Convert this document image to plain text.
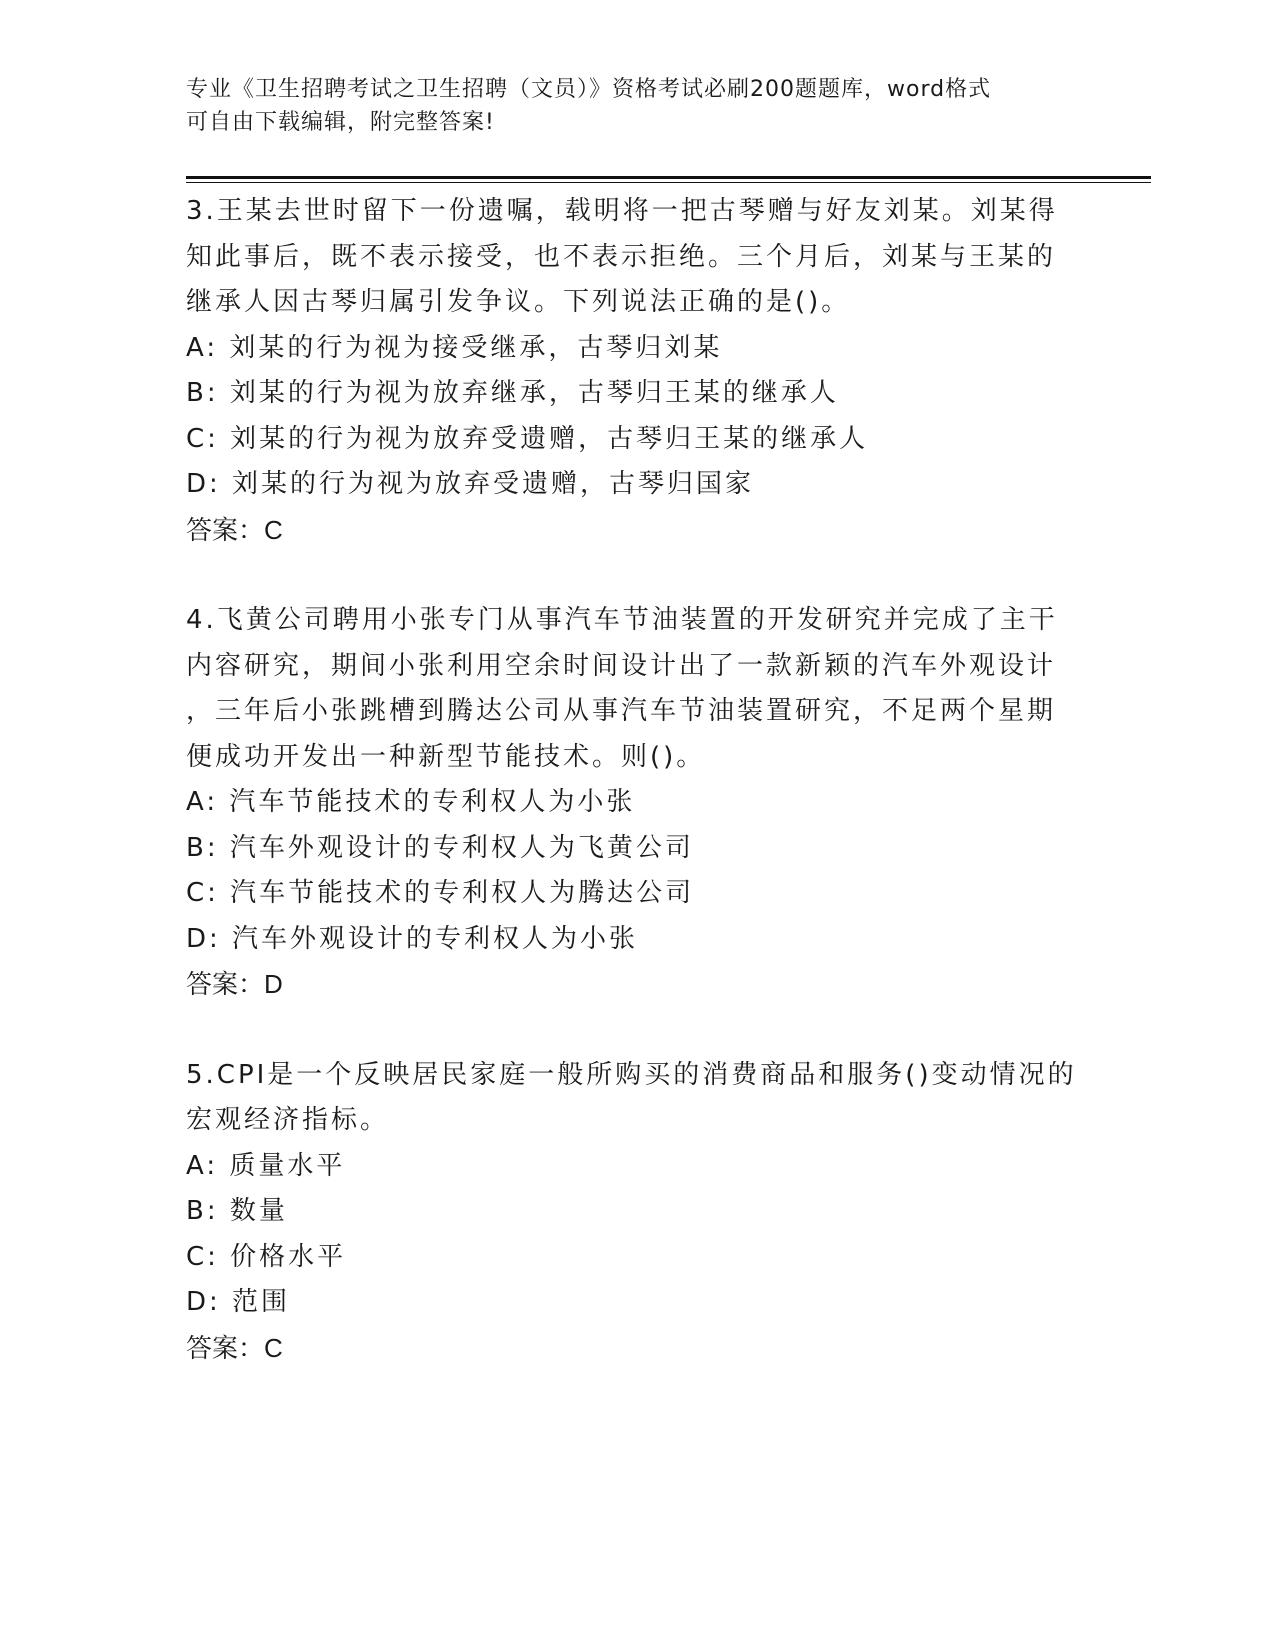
专业《卫生招聘考试之卫生招聘（文员）》资格考试必刷200题题库，word格式
可自由下载编辑，附完整答案!
3.王某去世时留下一份遗嘱，载明将一把古琴赠与好友刘某。刘某得
知此事后，既不表示接受，也不表示拒绝。三个月后，刘某与王某的
继承人因古琴归属引发争议。下列说法正确的是()。
A: 刘某的行为视为接受继承，古琴归刘某
B: 刘某的行为视为放弃继承，古琴归王某的继承人
C: 刘某的行为视为放弃受遗赠，古琴归王某的继承人
D: 刘某的行为视为放弃受遗赠，古琴归国家
答案：C
4.飞黄公司聘用小张专门从事汽车节油装置的开发研究并完成了主干
内容研究，期间小张利用空余时间设计出了一款新颖的汽车外观设计
，三年后小张跳槽到腾达公司从事汽车节油装置研究，不足两个星期
便成功开发出一种新型节能技术。则()。
A: 汽车节能技术的专利权人为小张
B: 汽车外观设计的专利权人为飞黄公司
C: 汽车节能技术的专利权人为腾达公司
D: 汽车外观设计的专利权人为小张
答案：D
5.CPI是一个反映居民家庭一般所购买的消费商品和服务()变动情况的
宏观经济指标。
A: 质量水平
B: 数量
C: 价格水平
D: 范围
答案：C
